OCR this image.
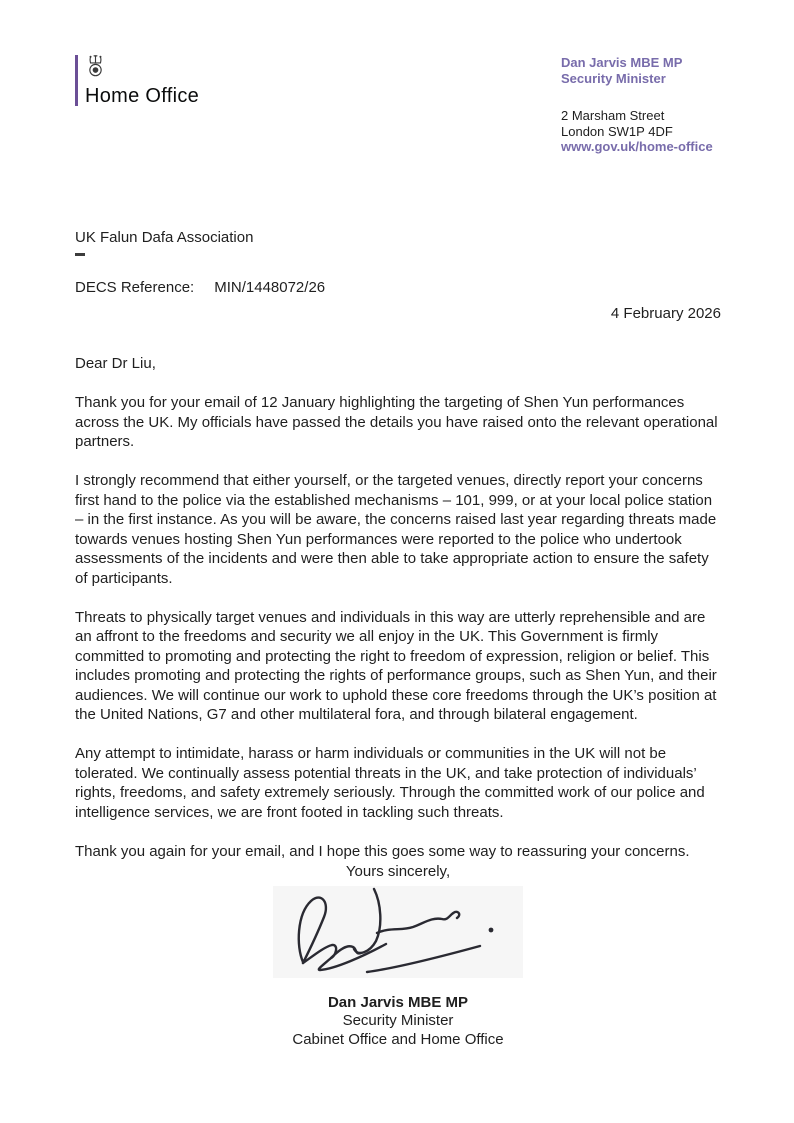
Home Office
Dan Jarvis MBE MP
Security Minister
2 Marsham Street
London SW1P 4DF
www.gov.uk/home-office
UK Falun Dafa Association
DECS Reference: MIN/1448072/26
4 February 2026
Dear Dr Liu,

Thank you for your email of 12 January highlighting the targeting of Shen Yun performances across the UK. My officials have passed the details you have raised onto the relevant operational partners.

I strongly recommend that either yourself, or the targeted venues, directly report your concerns first hand to the police via the established mechanisms – 101, 999, or at your local police station – in the first instance. As you will be aware, the concerns raised last year regarding threats made towards venues hosting Shen Yun performances were reported to the police who undertook assessments of the incidents and were then able to take appropriate action to ensure the safety of participants.

Threats to physically target venues and individuals in this way are utterly reprehensible and are an affront to the freedoms and security we all enjoy in the UK. This Government is firmly committed to promoting and protecting the right to freedom of expression, religion or belief. This includes promoting and protecting the rights of performance groups, such as Shen Yun, and their audiences. We will continue our work to uphold these core freedoms through the UK’s position at the United Nations, G7 and other multilateral fora, and through bilateral engagement.

Any attempt to intimidate, harass or harm individuals or communities in the UK will not be tolerated. We continually assess potential threats in the UK, and take protection of individuals’ rights, freedoms, and safety extremely seriously. Through the committed work of our police and intelligence services, we are front footed in tackling such threats.

Thank you again for your email, and I hope this goes some way to reassuring your concerns.

Yours sincerely,
Dan Jarvis MBE MP
Security Minister
Cabinet Office and Home Office
